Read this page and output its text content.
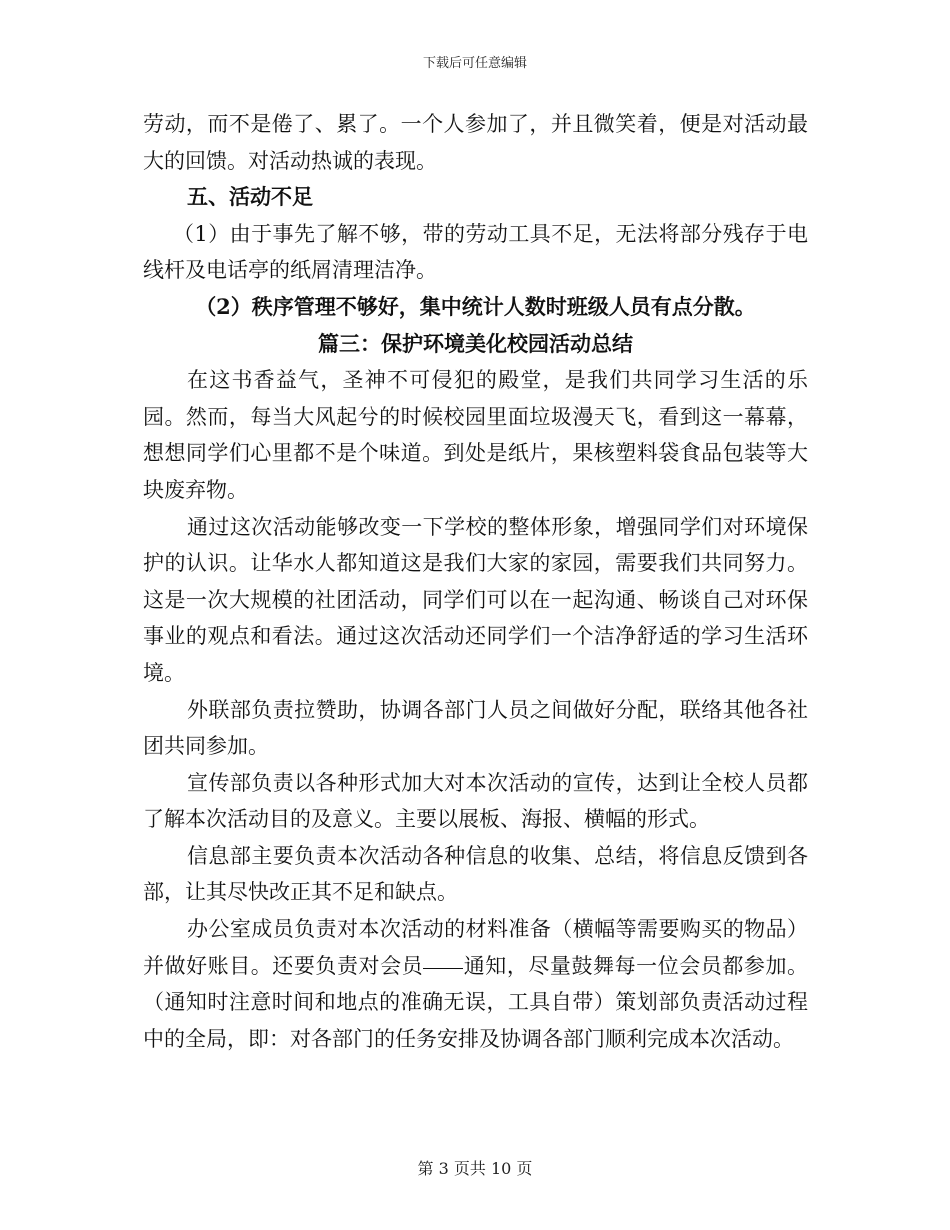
下载后可任意编辑

劳动，而不是倦了、累了。一个人参加了，并且微笑着，便是对活动最大的回馈。对活动热诚的表现。

五、活动不足

（1）由于事先了解不够，带的劳动工具不足，无法将部分残存于电线杆及电话亭的纸屑清理洁净。

（2）秩序管理不够好，集中统计人数时班级人员有点分散。

篇三：保护环境美化校园活动总结

在这书香益气，圣神不可侵犯的殿堂，是我们共同学习生活的乐园。然而，每当大风起兮的时候校园里面垃圾漫天飞，看到这一幕幕，想想同学们心里都不是个味道。到处是纸片，果核塑料袋食品包装等大块废弃物。

通过这次活动能够改变一下学校的整体形象，增强同学们对环境保护的认识。让华水人都知道这是我们大家的家园，需要我们共同努力。这是一次大规模的社团活动，同学们可以在一起沟通、畅谈自己对环保事业的观点和看法。通过这次活动还同学们一个洁净舒适的学习生活环境。

外联部负责拉赞助，协调各部门人员之间做好分配，联络其他各社团共同参加。

宣传部负责以各种形式加大对本次活动的宣传，达到让全校人员都了解本次活动目的及意义。主要以展板、海报、横幅的形式。

信息部主要负责本次活动各种信息的收集、总结，将信息反馈到各部，让其尽快改正其不足和缺点。

办公室成员负责对本次活动的材料准备（横幅等需要购买的物品）并做好账目。还要负责对会员 通知，尽量鼓舞每一位会员都参加。（通知时注意时间和地点的准确无误，工具自带）策划部负责活动过程中的全局，即：对各部门的任务安排及协调各部门顺利完成本次活动。

第 3 页共 10 页
